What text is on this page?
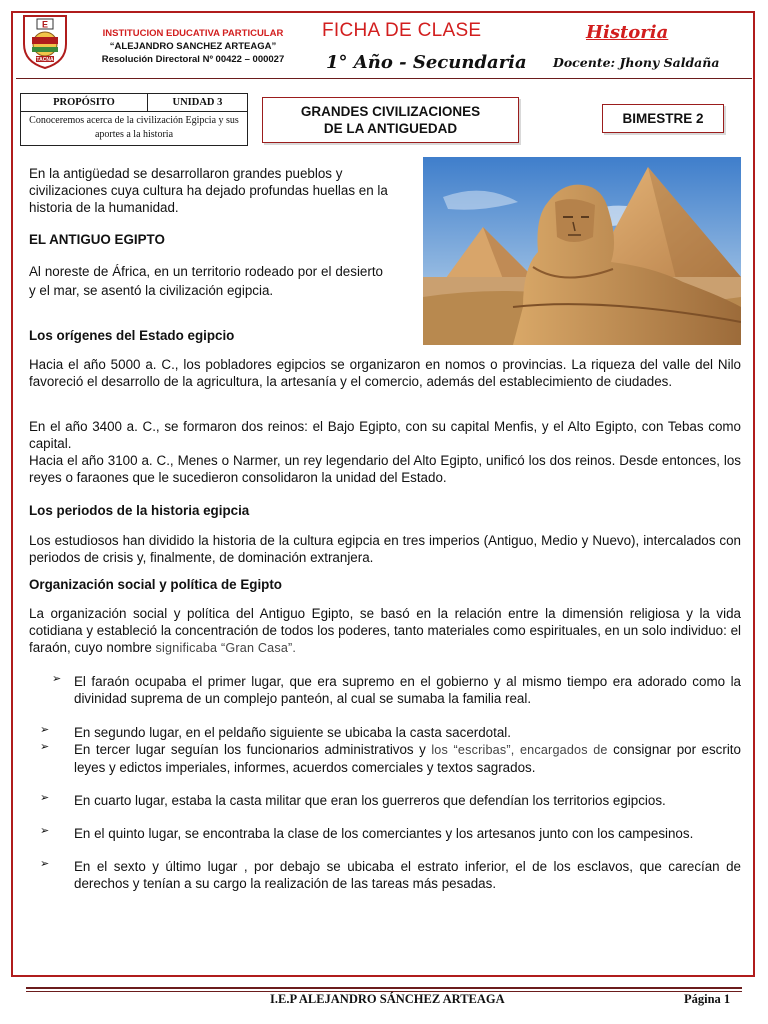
E
TACNA
INSTITUCION EDUCATIVA PARTICULAR
“ALEJANDRO SANCHEZ ARTEAGA”
Resolución Directoral Nº 00422 – 000027
FICHA DE CLASE	Historia
1° Año - Secundaria Docente: Jhony Saldaña
PROPÓSITO	UNIDAD 3
Conoceremos acerca de la civilización Egipcia y sus aportes a la historia
GRANDES CIVILIZACIONES
DE LA ANTIGUEDAD
BIMESTRE 2
En la antigüedad se desarrollaron grandes pueblos y civilizaciones cuya cultura ha dejado profundas huellas en la historia de la humanidad.
EL ANTIGUO EGIPTO
Al noreste de África, en un territorio rodeado por el desierto y el mar, se asentó la civilización egipcia.
Los orígenes del Estado egipcio
Hacia el año 5000 a. C., los pobladores egipcios se organizaron en nomos o provincias. La riqueza del valle del Nilo favoreció el desarrollo de la agricultura, la artesanía y el comercio, además del establecimiento de ciudades.
En el año 3400 a. C., se formaron dos reinos: el Bajo Egipto, con su capital Menfis, y el Alto Egipto, con Tebas como capital.
Hacia el año 3100 a. C., Menes o Narmer, un rey legendario del Alto Egipto, unificó los dos reinos. Desde entonces, los reyes o faraones que le sucedieron consolidaron la unidad del Estado.
Los periodos de la historia egipcia
Los estudiosos han dividido la historia de la cultura egipcia en tres imperios (Antiguo, Medio y Nuevo), intercalados con periodos de crisis y, finalmente, de dominación extranjera.
Organización social y política de Egipto
La organización social y política del Antiguo Egipto, se basó en la relación entre la dimensión religiosa y la vida cotidiana y estableció la concentración de todos los poderes, tanto materiales como espirituales, en un solo individuo: el faraón, cuyo nombre significaba “Gran Casa”.
➢ El faraón ocupaba el primer lugar, que era supremo en el gobierno y al mismo tiempo era adorado como la divinidad suprema de un complejo panteón, al cual se sumaba la familia real.
➢ En segundo lugar, en el peldaño siguiente se ubicaba la casta sacerdotal.
➢ En tercer lugar seguían los funcionarios administrativos y los “escribas”, encargados de consignar por escrito leyes y edictos imperiales, informes, acuerdos comerciales y textos sagrados.
➢ En cuarto lugar, estaba la casta militar que eran los guerreros que defendían los territorios egipcios.
➢ En el quinto lugar, se encontraba la clase de los comerciantes y los artesanos junto con los campesinos.
➢ En el sexto y último lugar , por debajo se ubicaba el estrato inferior, el de los esclavos, que carecían de derechos y tenían a su cargo la realización de las tareas más pesadas.
I.E.P ALEJANDRO SÁNCHEZ ARTEAGA	Página 1
